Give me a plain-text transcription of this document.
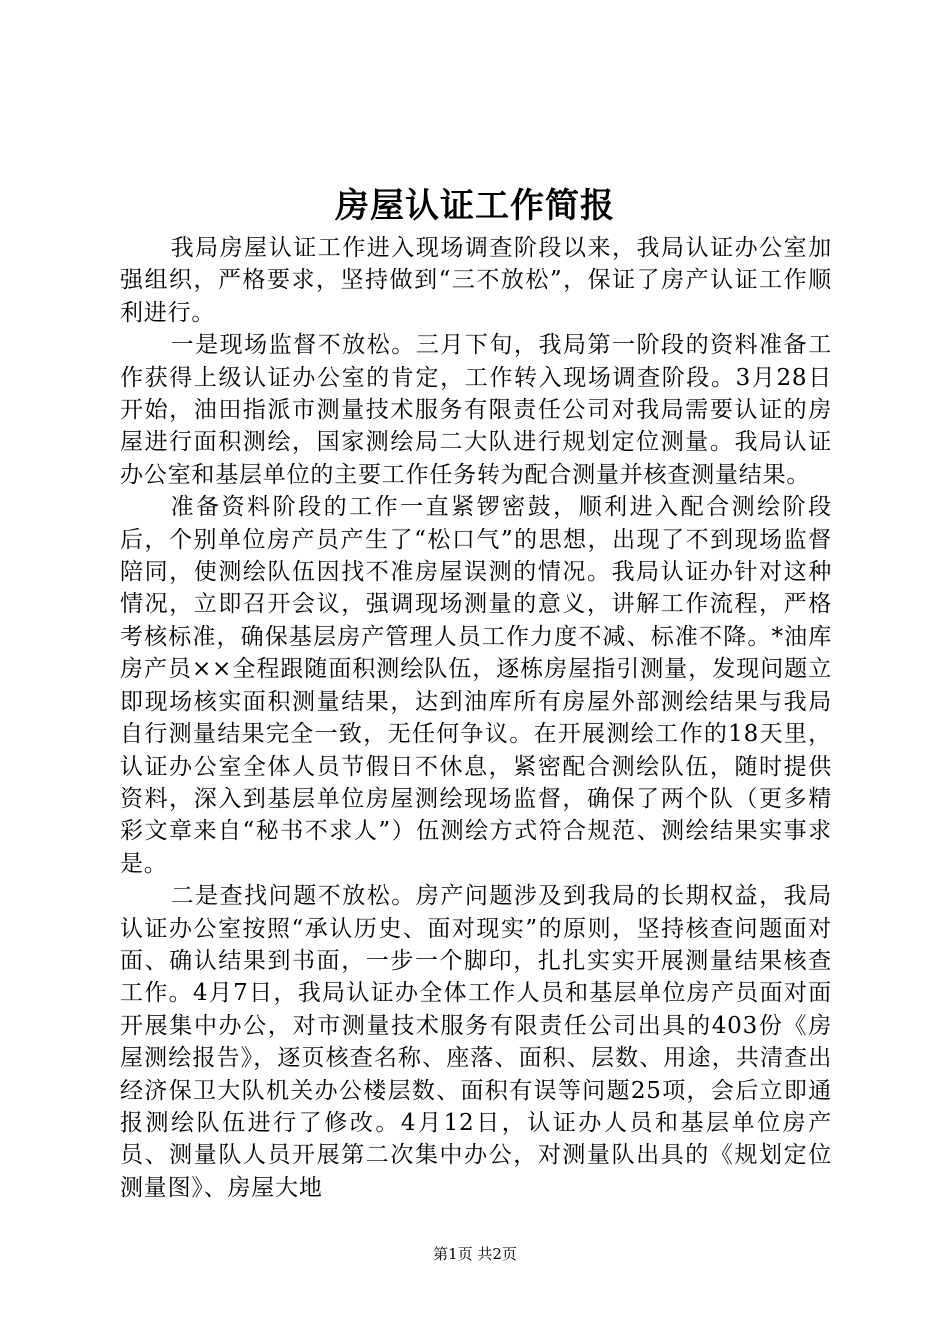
房屋认证工作简报

我局房屋认证工作进入现场调查阶段以来，我局认证办公室加强组织，严格要求，坚持做到“三不放松”，保证了房产认证工作顺利进行。

一是现场监督不放松。三月下旬，我局第一阶段的资料准备工作获得上级认证办公室的肯定，工作转入现场调查阶段。3月28日开始，油田指派市测量技术服务有限责任公司对我局需要认证的房屋进行面积测绘，国家测绘局二大队进行规划定位测量。我局认证办公室和基层单位的主要工作任务转为配合测量并核查测量结果。

准备资料阶段的工作一直紧锣密鼓，顺利进入配合测绘阶段后，个别单位房产员产生了“松口气”的思想，出现了不到现场监督陪同，使测绘队伍因找不准房屋误测的情况。我局认证办针对这种情况，立即召开会议，强调现场测量的意义，讲解工作流程，严格考核标准，确保基层房产管理人员工作力度不减、标准不降。*油库房产员××全程跟随面积测绘队伍，逐栋房屋指引测量，发现问题立即现场核实面积测量结果，达到油库所有房屋外部测绘结果与我局自行测量结果完全一致，无任何争议。在开展测绘工作的18天里，认证办公室全体人员节假日不休息，紧密配合测绘队伍，随时提供资料，深入到基层单位房屋测绘现场监督，确保了两个队（更多精彩文章来自“秘书不求人”）伍测绘方式符合规范、测绘结果实事求是。

二是查找问题不放松。房产问题涉及到我局的长期权益，我局认证办公室按照“承认历史、面对现实”的原则，坚持核查问题面对面、确认结果到书面，一步一个脚印，扎扎实实开展测量结果核查工作。4月7日，我局认证办全体工作人员和基层单位房产员面对面开展集中办公，对市测量技术服务有限责任公司出具的403份《房屋测绘报告》，逐页核查名称、座落、面积、层数、用途，共清查出经济保卫大队机关办公楼层数、面积有误等问题25项，会后立即通报测绘队伍进行了修改。4月12日，认证办人员和基层单位房产员、测量队人员开展第二次集中办公，对测量队出具的《规划定位测量图》、房屋大地

第1页 共2页
